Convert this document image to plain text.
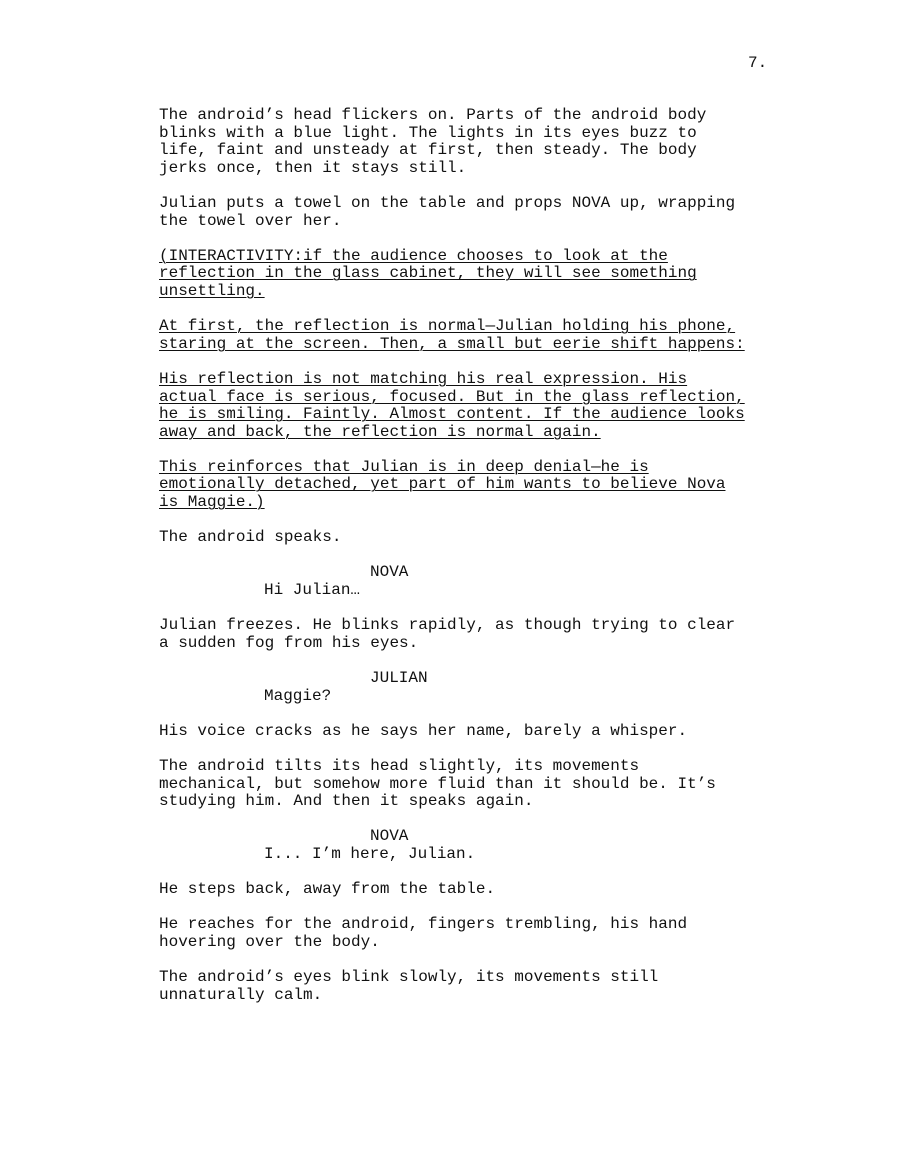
7.
The android’s head flickers on. Parts of the android body
blinks with a blue light. The lights in its eyes buzz to
life, faint and unsteady at first, then steady. The body
jerks once, then it stays still.
Julian puts a towel on the table and props NOVA up, wrapping
the towel over her.
(INTERACTIVITY:if the audience chooses to look at the
reflection in the glass cabinet, they will see something
unsettling.
At first, the reflection is normal—Julian holding his phone,
staring at the screen. Then, a small but eerie shift happens:
His reflection is not matching his real expression. His
actual face is serious, focused. But in the glass reflection,
he is smiling. Faintly. Almost content. If the audience looks
away and back, the reflection is normal again.
This reinforces that Julian is in deep denial—he is
emotionally detached, yet part of him wants to believe Nova
is Maggie.)
The android speaks.
NOVA
Hi Julian…
Julian freezes. He blinks rapidly, as though trying to clear
a sudden fog from his eyes.
JULIAN
Maggie?
His voice cracks as he says her name, barely a whisper.
The android tilts its head slightly, its movements
mechanical, but somehow more fluid than it should be. It’s
studying him. And then it speaks again.
NOVA
I... I’m here, Julian.
He steps back, away from the table.
He reaches for the android, fingers trembling, his hand
hovering over the body.
The android’s eyes blink slowly, its movements still
unnaturally calm.
